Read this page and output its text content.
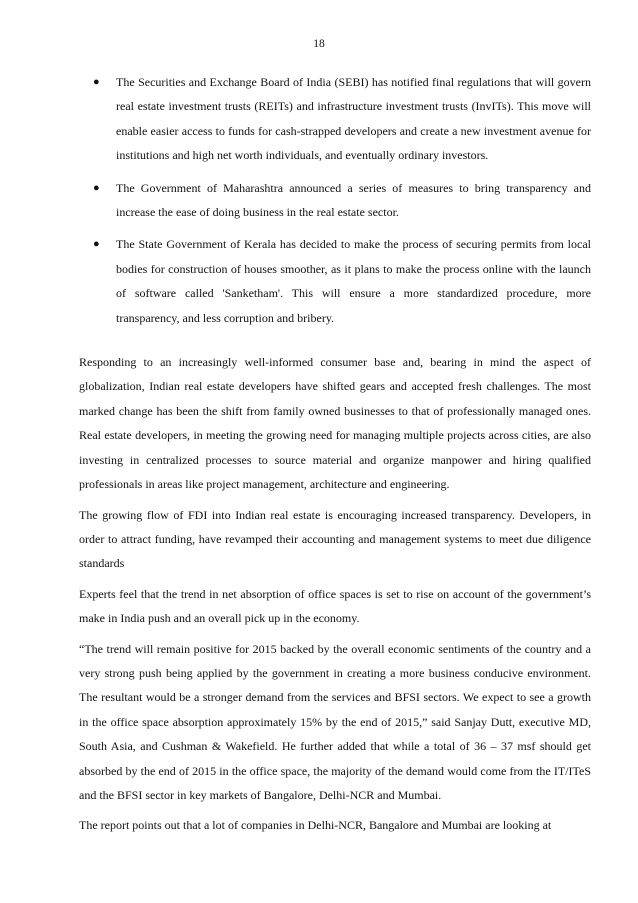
18
● The Securities and Exchange Board of India (SEBI) has notified final regulations that will govern real estate investment trusts (REITs) and infrastructure investment trusts (InvITs). This move will enable easier access to funds for cash-strapped developers and create a new investment avenue for institutions and high net worth individuals, and eventually ordinary investors.
● The Government of Maharashtra announced a series of measures to bring transparency and increase the ease of doing business in the real estate sector.
● The State Government of Kerala has decided to make the process of securing permits from local bodies for construction of houses smoother, as it plans to make the process online with the launch of software called 'Sanketham'. This will ensure a more standardized procedure, more transparency, and less corruption and bribery.

Responding to an increasingly well-informed consumer base and, bearing in mind the aspect of globalization, Indian real estate developers have shifted gears and accepted fresh challenges. The most marked change has been the shift from family owned businesses to that of professionally managed ones. Real estate developers, in meeting the growing need for managing multiple projects across cities, are also investing in centralized processes to source material and organize manpower and hiring qualified professionals in areas like project management, architecture and engineering.

The growing flow of FDI into Indian real estate is encouraging increased transparency. Developers, in order to attract funding, have revamped their accounting and management systems to meet due diligence standards

Experts feel that the trend in net absorption of office spaces is set to rise on account of the government’s make in India push and an overall pick up in the economy.

“The trend will remain positive for 2015 backed by the overall economic sentiments of the country and a very strong push being applied by the government in creating a more business conducive environment. The resultant would be a stronger demand from the services and BFSI sectors. We expect to see a growth in the office space absorption approximately 15% by the end of 2015,” said Sanjay Dutt, executive MD, South Asia, and Cushman & Wakefield. He further added that while a total of 36 – 37 msf should get absorbed by the end of 2015 in the office space, the majority of the demand would come from the IT/ITeS and the BFSI sector in key markets of Bangalore, Delhi-NCR and Mumbai.

The report points out that a lot of companies in Delhi-NCR, Bangalore and Mumbai are looking at
